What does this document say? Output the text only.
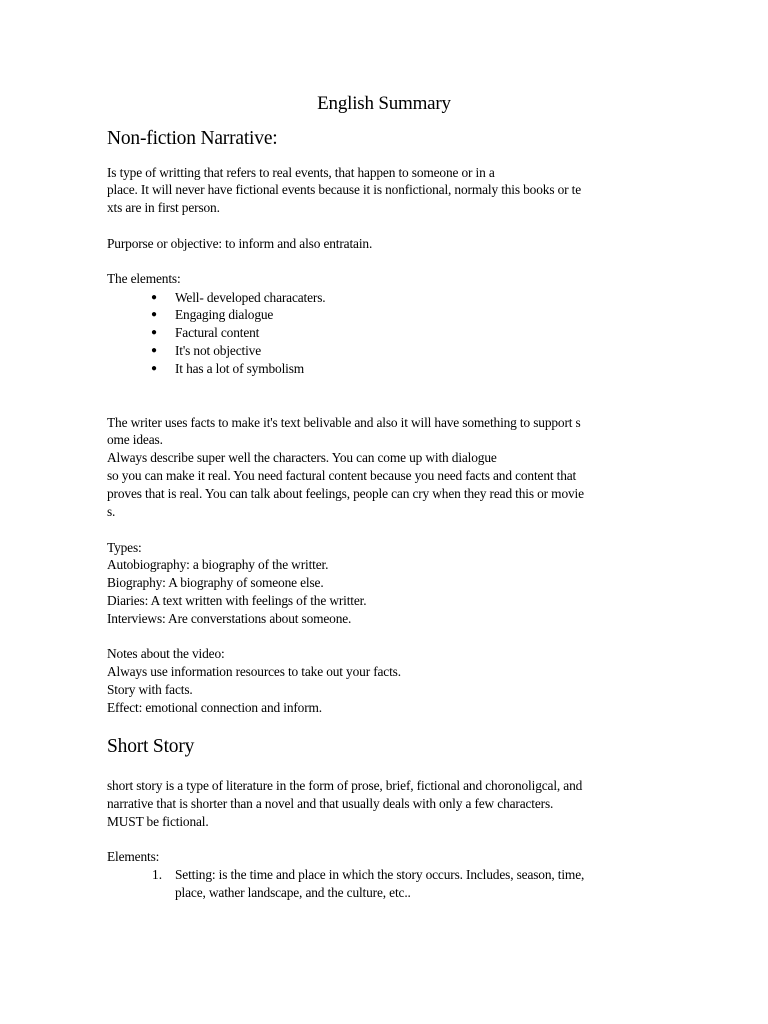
English Summary
Non-fiction Narrative:
Is type of writting that refers to real events, that happen to someone or in a
place. It will never have fictional events because it is nonfictional, normaly this books or te
xts are in first person.
Purporse or objective: to inform and also entratain.
The elements:
● Well- developed characaters.
● Engaging dialogue
● Factural content
● It's not objective
● It has a lot of symbolism
The writer uses facts to make it's text belivable and also it will have something to support s
ome ideas.
Always describe super well the characters. You can come up with dialogue
so you can make it real. You need factural content because you need facts and content that
proves that is real. You can talk about feelings, people can cry when they read this or movie
s.
Types:
Autobiography: a biography of the writter.
Biography: A biography of someone else.
Diaries: A text written with feelings of the writter.
Interviews: Are converstations about someone.
Notes about the video:
Always use information resources to take out your facts.
Story with facts.
Effect: emotional connection and inform.
Short Story
short story is a type of literature in the form of prose, brief, fictional and choronoligcal, and
narrative that is shorter than a novel and that usually deals with only a few characters.
MUST be fictional.
Elements:
1. Setting: is the time and place in which the story occurs. Includes, season, time,
place, wather landscape, and the culture, etc..
